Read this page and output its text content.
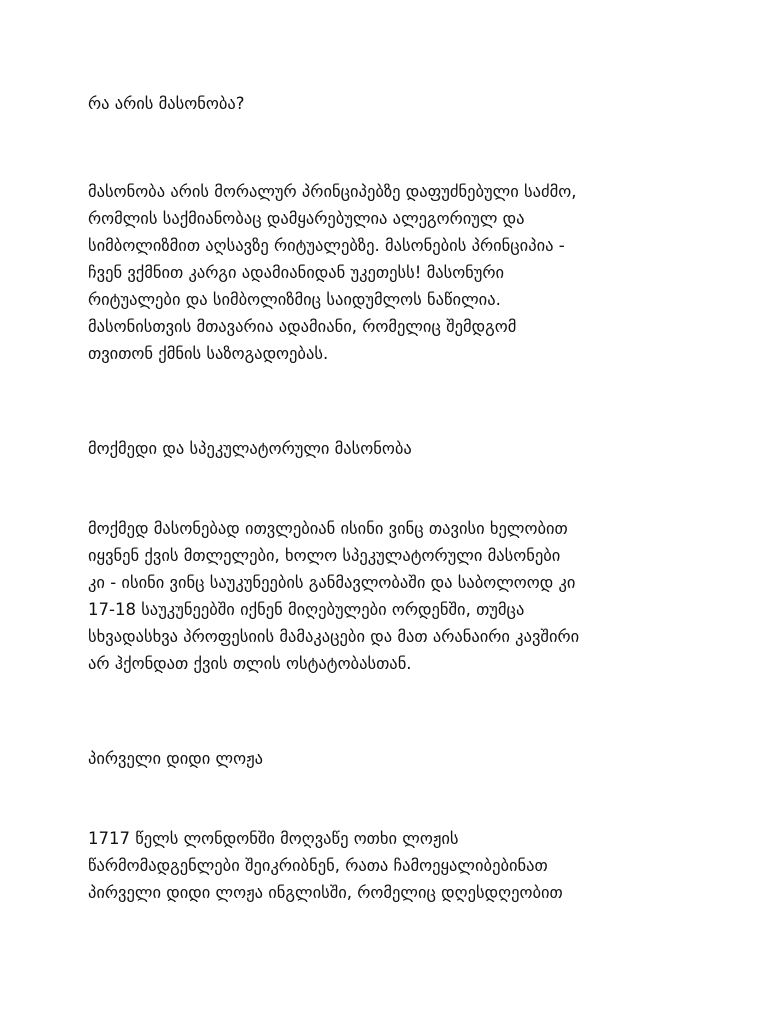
რა არის მასონობა?
მასონობა არის მორალურ პრინციპებზე დაფუძნებული საძმო,
რომლის საქმიანობაც დამყარებულია ალეგორიულ და
სიმბოლიზმით აღსავზე რიტუალებზე. მასონების პრინციპია -
ჩვენ ვქმნით კარგი ადამიანიდან უკეთესს! მასონური
რიტუალები და სიმბოლიზმიც საიდუმლოს ნაწილია.
მასონისთვის მთავარია ადამიანი, რომელიც შემდგომ
თვითონ ქმნის საზოგადოებას.
მოქმედი და სპეკულატორული მასონობა
მოქმედ მასონებად ითვლებიან ისინი ვინც თავისი ხელობით
იყვნენ ქვის მთლელები, ხოლო სპეკულატორული მასონები
კი - ისინი ვინც საუკუნეების განმავლობაში და საბოლოოდ კი
17-18 საუკუნეებში იქნენ მიღებულები ორდენში, თუმცა
სხვადასხვა პროფესიის მამაკაცები და მათ არანაირი კავშირი
არ ჰქონდათ ქვის თლის ოსტატობასთან.
პირველი დიდი ლოჟა
1717 წელს ლონდონში მოღვაწე ოთხი ლოჟის
წარმომადგენლები შეიკრიბნენ, რათა ჩამოეყალიბებინათ
პირველი დიდი ლოჟა ინგლისში, რომელიც დღესდღეობით
